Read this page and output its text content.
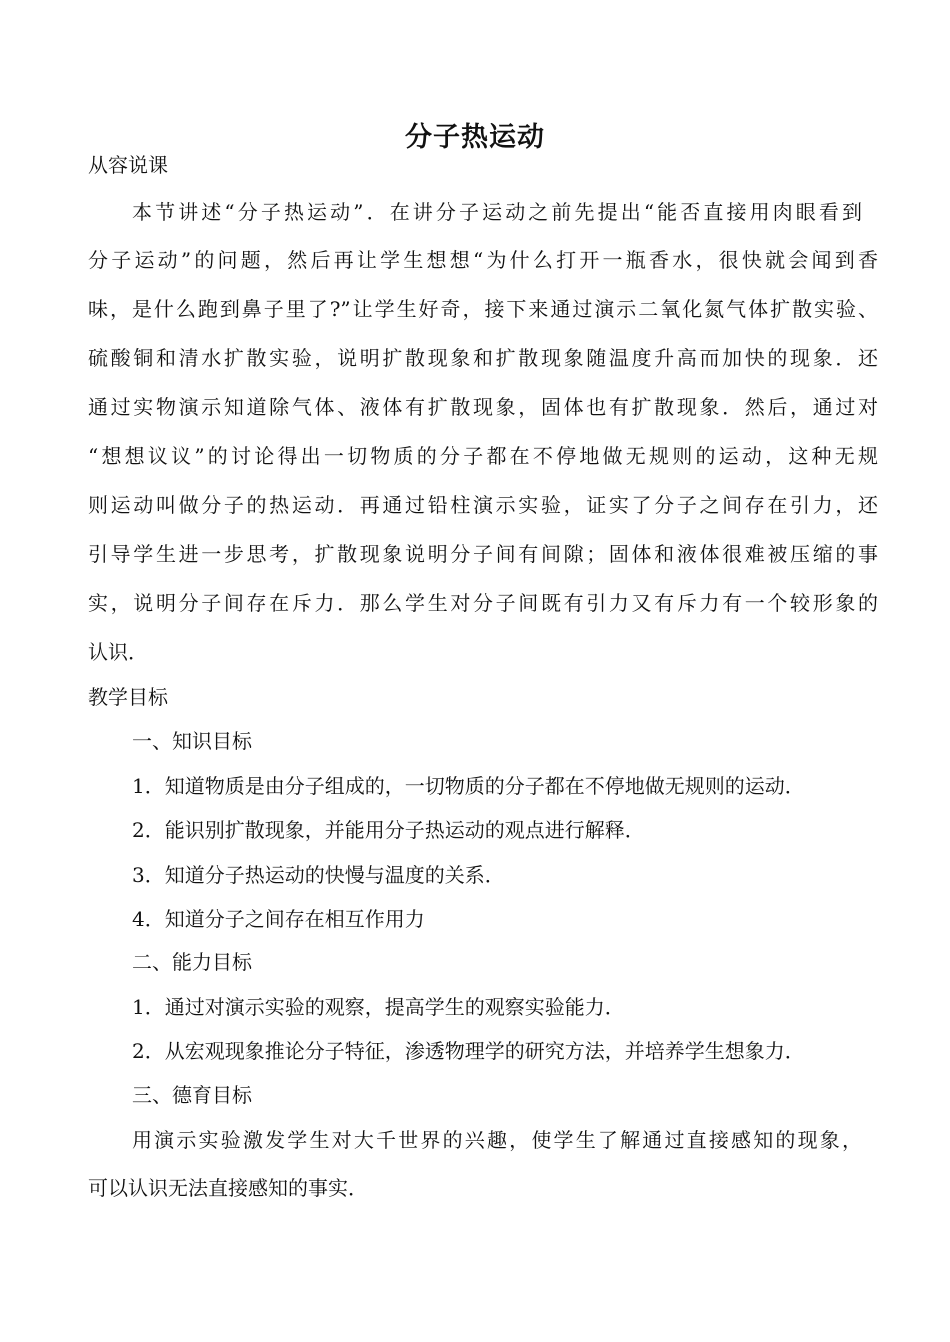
分子热运动
从容说课
本节讲述“分子热运动”．在讲分子运动之前先提出“能否直接用肉眼看到
分子运动”的问题，然后再让学生想想“为什么打开一瓶香水，很快就会闻到香
味，是什么跑到鼻子里了?”让学生好奇，接下来通过演示二氧化氮气体扩散实验、
硫酸铜和清水扩散实验，说明扩散现象和扩散现象随温度升高而加快的现象．还
通过实物演示知道除气体、液体有扩散现象，固体也有扩散现象．然后，通过对
“想想议议”的讨论得出一切物质的分子都在不停地做无规则的运动，这种无规
则运动叫做分子的热运动．再通过铅柱演示实验，证实了分子之间存在引力，还
引导学生进一步思考，扩散现象说明分子间有间隙；固体和液体很难被压缩的事
实，说明分子间存在斥力．那么学生对分子间既有引力又有斥力有一个较形象的
认识．
教学目标
一、知识目标
1．知道物质是由分子组成的，一切物质的分子都在不停地做无规则的运动．
2．能识别扩散现象，并能用分子热运动的观点进行解释．
3．知道分子热运动的快慢与温度的关系．
4．知道分子之间存在相互作用力
二、能力目标
1．通过对演示实验的观察，提高学生的观察实验能力．
2．从宏观现象推论分子特征，渗透物理学的研究方法，并培养学生想象力．
三、德育目标
用演示实验激发学生对大千世界的兴趣，使学生了解通过直接感知的现象，
可以认识无法直接感知的事实．
